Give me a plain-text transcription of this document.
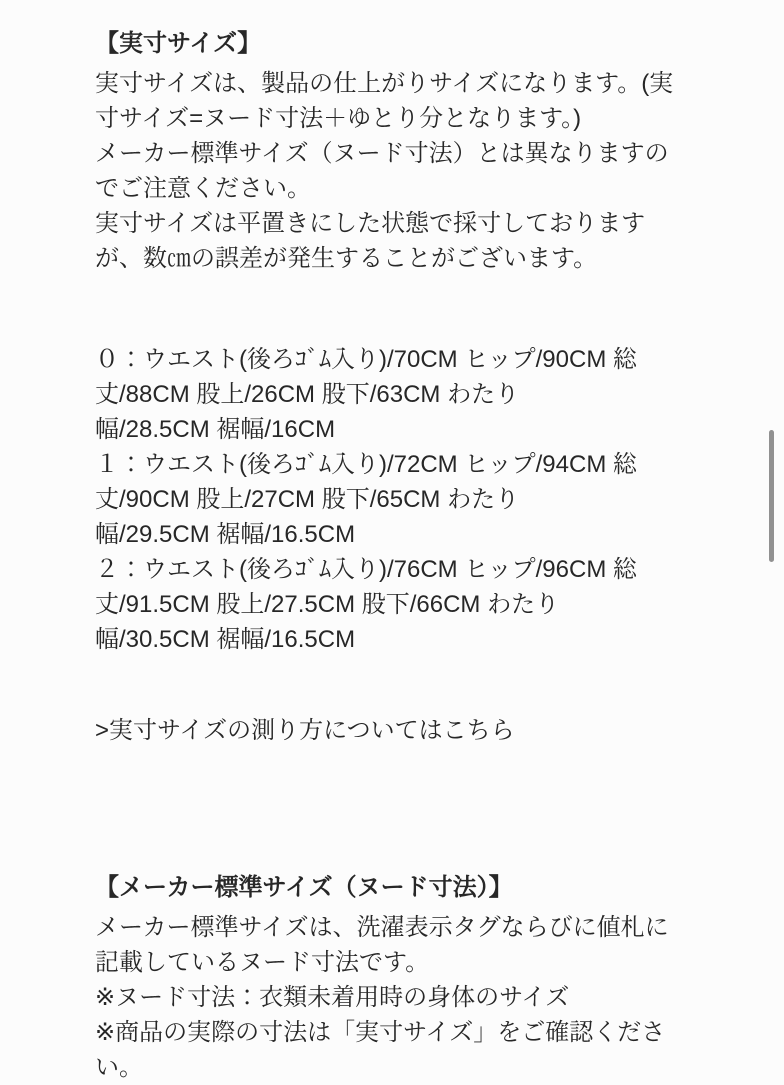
【実寸サイズ】
実寸サイズは、製品の仕上がりサイズになります。(実
寸サイズ=ヌード寸法＋ゆとり分となります。)
メーカー標準サイズ（ヌード寸法）とは異なりますの
でご注意ください。
実寸サイズは平置きにした状態で採寸しております
が、数㎝の誤差が発生することがございます。
０：ウエスト(後ろｺﾞﾑ入り)/70CM ヒップ/90CM 総
丈/88CM 股上/26CM 股下/63CM わたり
幅/28.5CM 裾幅/16CM
１：ウエスト(後ろｺﾞﾑ入り)/72CM ヒップ/94CM 総
丈/90CM 股上/27CM 股下/65CM わたり
幅/29.5CM 裾幅/16.5CM
２：ウエスト(後ろｺﾞﾑ入り)/76CM ヒップ/96CM 総
丈/91.5CM 股上/27.5CM 股下/66CM わたり
幅/30.5CM 裾幅/16.5CM
>実寸サイズの測り方についてはこちら
【メーカー標準サイズ（ヌード寸法）】
メーカー標準サイズは、洗濯表示タグならびに値札に
記載しているヌード寸法です。
※ヌード寸法：衣類未着用時の身体のサイズ
※商品の実際の寸法は「実寸サイズ」をご確認くださ
い。
